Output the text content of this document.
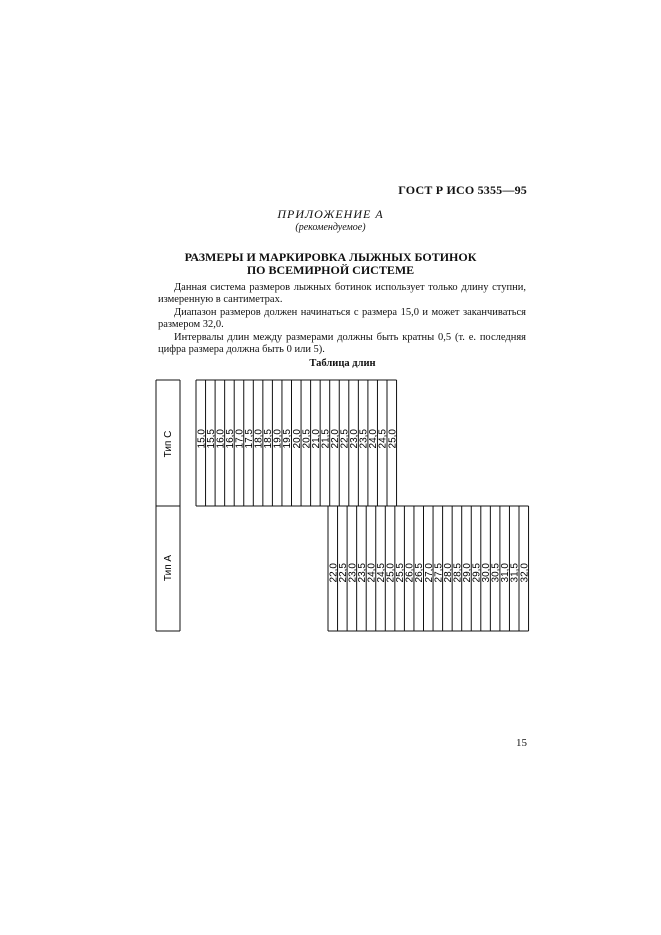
ГОСТ Р ИСО 5355—95
ПРИЛОЖЕНИЕ А
(рекомендуемое)
РАЗМЕРЫ И МАРКИРОВКА ЛЫЖНЫХ БОТИНОК
ПО ВСЕМИРНОЙ СИСТЕМЕ
Данная система размеров лыжных ботинок использует только длину ступни, измеренную в сантиметрах.
Диапазон размеров должен начинаться с размера 15,0 и может заканчиваться размером 32,0.
Интервалы длин между размерами должны быть кратны 0,5 (т. е. последняя цифра размера должна быть 0 или 5).
Таблица длин
Тип С
Тип А
15,0
15,5
16,0
16,5
17,0
17,5
18,0
18,5
19,0
19,5
20,0
20,5
21,0
21,5
22,0
22,5
23,0
23,5
24,0
24,5
25,0
22,0
22,5
23,0
23,5
24,0
24,5
25,0
25,5
26,0
26,5
27,0
27,5
28,0
28,5
29,0
29,5
30,0
30,5
31,0
31,5
32,0
15
